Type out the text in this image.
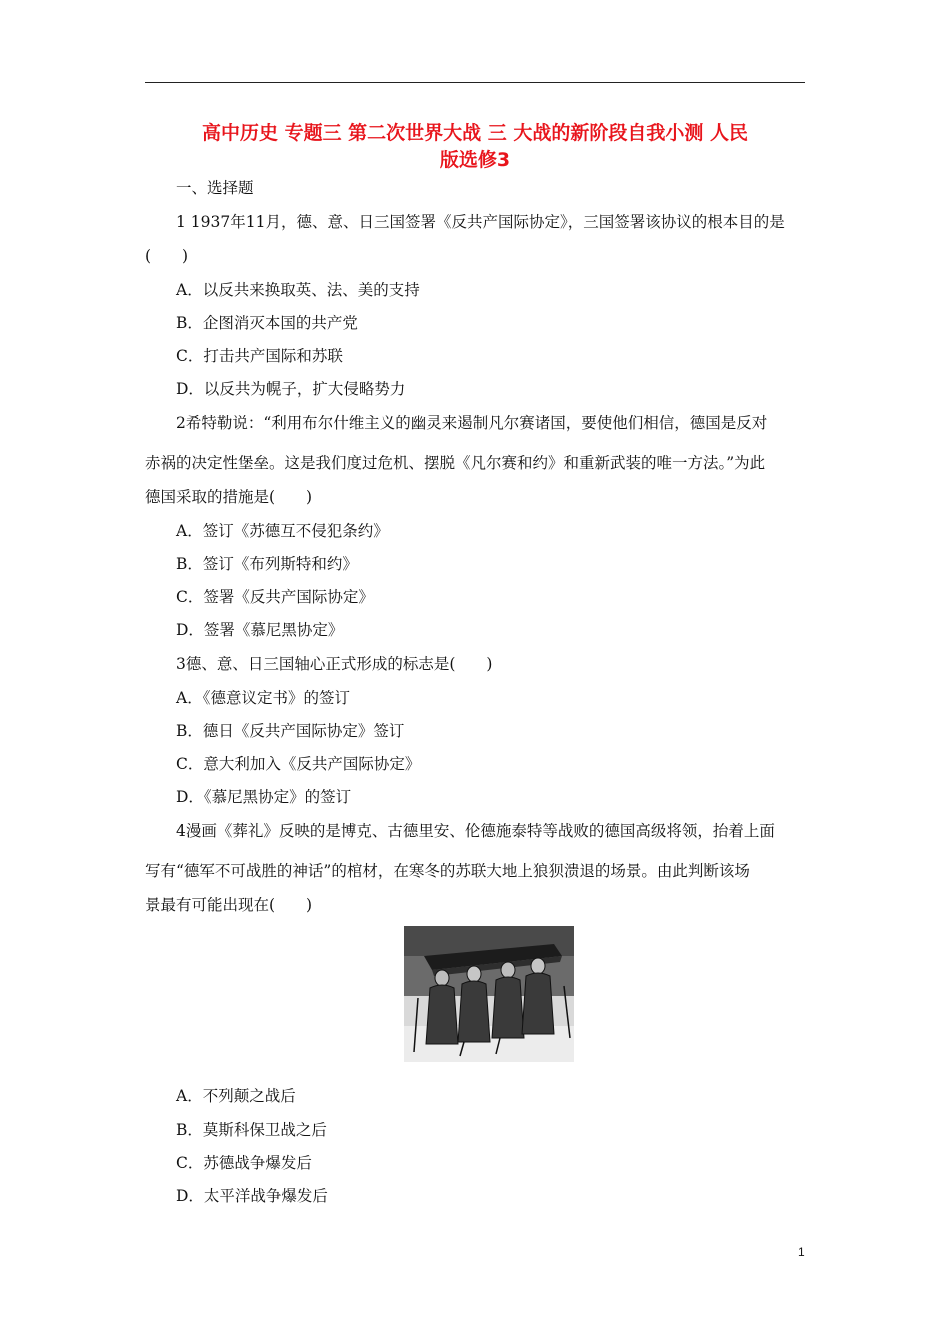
高中历史 专题三 第二次世界大战 三 大战的新阶段自我小测 人民
版选修3
一、选择题
1 1937年11月，德、意、日三国签署《反共产国际协定》，三国签署该协议的根本目的是
(　　)
A．以反共来换取英、法、美的支持
B．企图消灭本国的共产党
C．打击共产国际和苏联
D．以反共为幌子，扩大侵略势力
2希特勒说：“利用布尔什维主义的幽灵来遏制凡尔赛诸国，要使他们相信，德国是反对
赤祸的决定性堡垒。这是我们度过危机、摆脱《凡尔赛和约》和重新武装的唯一方法。”为此
德国采取的措施是(　　)
A．签订《苏德互不侵犯条约》
B．签订《布列斯特和约》
C．签署《反共产国际协定》
D．签署《慕尼黑协定》
3德、意、日三国轴心正式形成的标志是(　　)
A．《德意议定书》的签订
B．德日《反共产国际协定》签订
C．意大利加入《反共产国际协定》
D．《慕尼黑协定》的签订
4漫画《葬礼》反映的是博克、古德里安、伦德施泰特等战败的德国高级将领，抬着上面
写有“德军不可战胜的神话”的棺材，在寒冬的苏联大地上狼狈溃退的场景。由此判断该场
景最有可能出现在(　　)
A．不列颠之战后
B．莫斯科保卫战之后
C．苏德战争爆发后
D．太平洋战争爆发后
1
